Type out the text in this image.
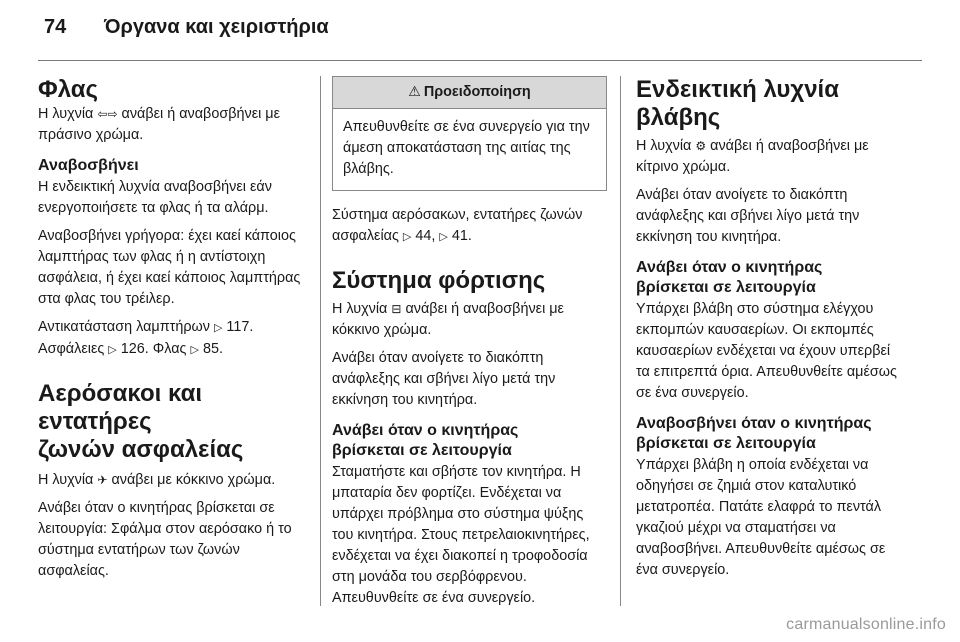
74 Όργανα και χειριστήρια
Φλας

Η λυχνία ⇦⇨ ανάβει ή αναβοσβήνει με πράσινο χρώμα.

Αναβοσβήνει

Η ενδεικτική λυχνία αναβοσβήνει εάν ενεργοποιήσετε τα φλας ή τα αλάρμ.

Αναβοσβήνει γρήγορα: έχει καεί κάποιος λαμπτήρας των φλας ή η αντίστοιχη ασφάλεια, ή έχει καεί κάποιος λαμπτήρας στα φλας του τρέιλερ.

Αντικατάσταση λαμπτήρων ▷ 117.
Ασφάλειες ▷ 126. Φλας ▷ 85.

Αερόσακοι και εντατήρες
ζωνών ασφαλείας

Η λυχνία ✈ ανάβει με κόκκινο χρώμα.

Ανάβει όταν ο κινητήρας βρίσκεται σε λειτουργία: Σφάλμα στον αερόσακο ή το σύστημα εντατήρων των ζωνών ασφαλείας.

⚠ Προειδοποίηση
Απευθυνθείτε σε ένα συνεργείο για την άμεση αποκατάσταση της αιτίας της βλάβης.

Σύστημα αερόσακων, εντατήρες ζωνών ασφαλείας ▷ 44, ▷ 41.

Σύστημα φόρτισης

Η λυχνία ⊟ ανάβει ή αναβοσβήνει με κόκκινο χρώμα.

Ανάβει όταν ανοίγετε το διακόπτη ανάφλεξης και σβήνει λίγο μετά την εκκίνηση του κινητήρα.

Ανάβει όταν ο κινητήρας
βρίσκεται σε λειτουργία

Σταματήστε και σβήστε τον κινητήρα. Η μπαταρία δεν φορτίζει. Ενδέχεται να υπάρχει πρόβλημα στο σύστημα ψύξης του κινητήρα. Στους πετρελαιοκινητήρες, ενδέχεται να έχει διακοπεί η τροφοδοσία στη μονάδα του σερβόφρενου. Απευθυνθείτε σε ένα συνεργείο.

Ενδεικτική λυχνία βλάβης

Η λυχνία ⚙ ανάβει ή αναβοσβήνει με κίτρινο χρώμα.

Ανάβει όταν ανοίγετε το διακόπτη ανάφλεξης και σβήνει λίγο μετά την εκκίνηση του κινητήρα.

Ανάβει όταν ο κινητήρας
βρίσκεται σε λειτουργία

Υπάρχει βλάβη στο σύστημα ελέγχου εκπομπών καυσαερίων. Οι εκπομπές καυσαερίων ενδέχεται να έχουν υπερβεί τα επιτρεπτά όρια. Απευθυνθείτε αμέσως σε ένα συνεργείο.

Αναβοσβήνει όταν ο κινητήρας
βρίσκεται σε λειτουργία

Υπάρχει βλάβη η οποία ενδέχεται να οδηγήσει σε ζημιά στον καταλυτικό μετατροπέα. Πατάτε ελαφρά το πεντάλ γκαζιού μέχρι να σταματήσει να αναβοσβήνει. Απευθυνθείτε αμέσως σε ένα συνεργείο.

carmanualsonline.info
